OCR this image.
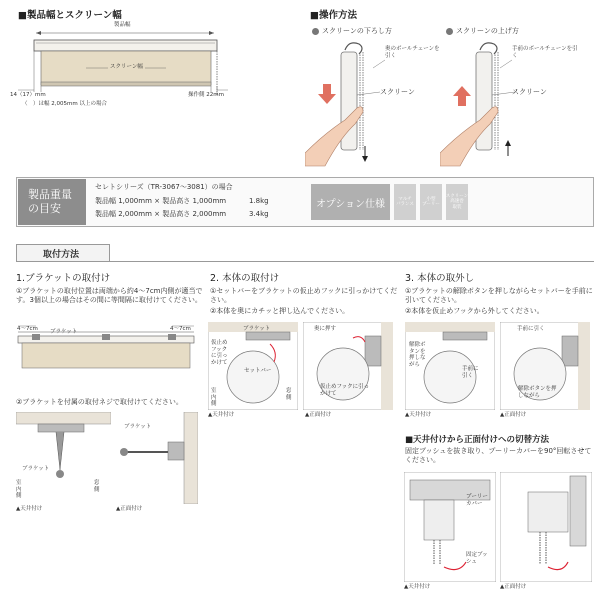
■製品幅とスクリーン幅
製品幅
スクリーン幅
14（17）mm	操作側 22mm
（　）は幅 2,005mm 以上の場合
■操作方法
スクリーンの下ろし方	スクリーンの上げ方
奥のボールチェーンを引く
スクリーン
手前のボールチェーンを引く
スクリーン
製品重量の目安
セレトシリーズ（TR-3067〜3081）の場合
製品幅 1,000mm × 製品高さ 1,000mm	1.8kg
製品幅 2,000mm × 製品高さ 2,000mm	3.4kg
オプション仕様	マルチ
バランス
小型
プーリー
スクリーン
高速巻
取装
取付方法
1.ブラケットの取付け
①ブラケットの取付位置は両端から約4〜7cm内側が適当です。3個以上の場合はその間に等間隔に取付けてください。
4〜7cm	4〜7cm
ブラケット
②ブラケットを付属の取付ネジで取付けてください。
ブラケット
室内側
窓側
▲天井付け
ブラケット
▲正面付け
2. 本体の取付け
①セットバーをブラケットの仮止めフックに引っかけてください。
②本体を奥にカチッと押し込んでください。
ブラケット
仮止めフックに引っかけて
セットバー
室内側
窓側
▲天井付け
奥に押す
仮止めフックに引っかけて
▲正面付け
3. 本体の取外し
①ブラケットの解除ボタンを押しながらセットバーを手前に引いてください。
②本体を仮止めフックから外してください。
解除ボタンを押しながら
手前に引く
▲天井付け
手前に引く
解除ボタンを押しながら
▲正面付け
■天井付けから正面付けへの切替方法
固定ブッシュを抜き取り、プーリーカバーを90°回転させてください。
プーリーカバー
固定ブッシュ
▲天井付け	▲正面付け
